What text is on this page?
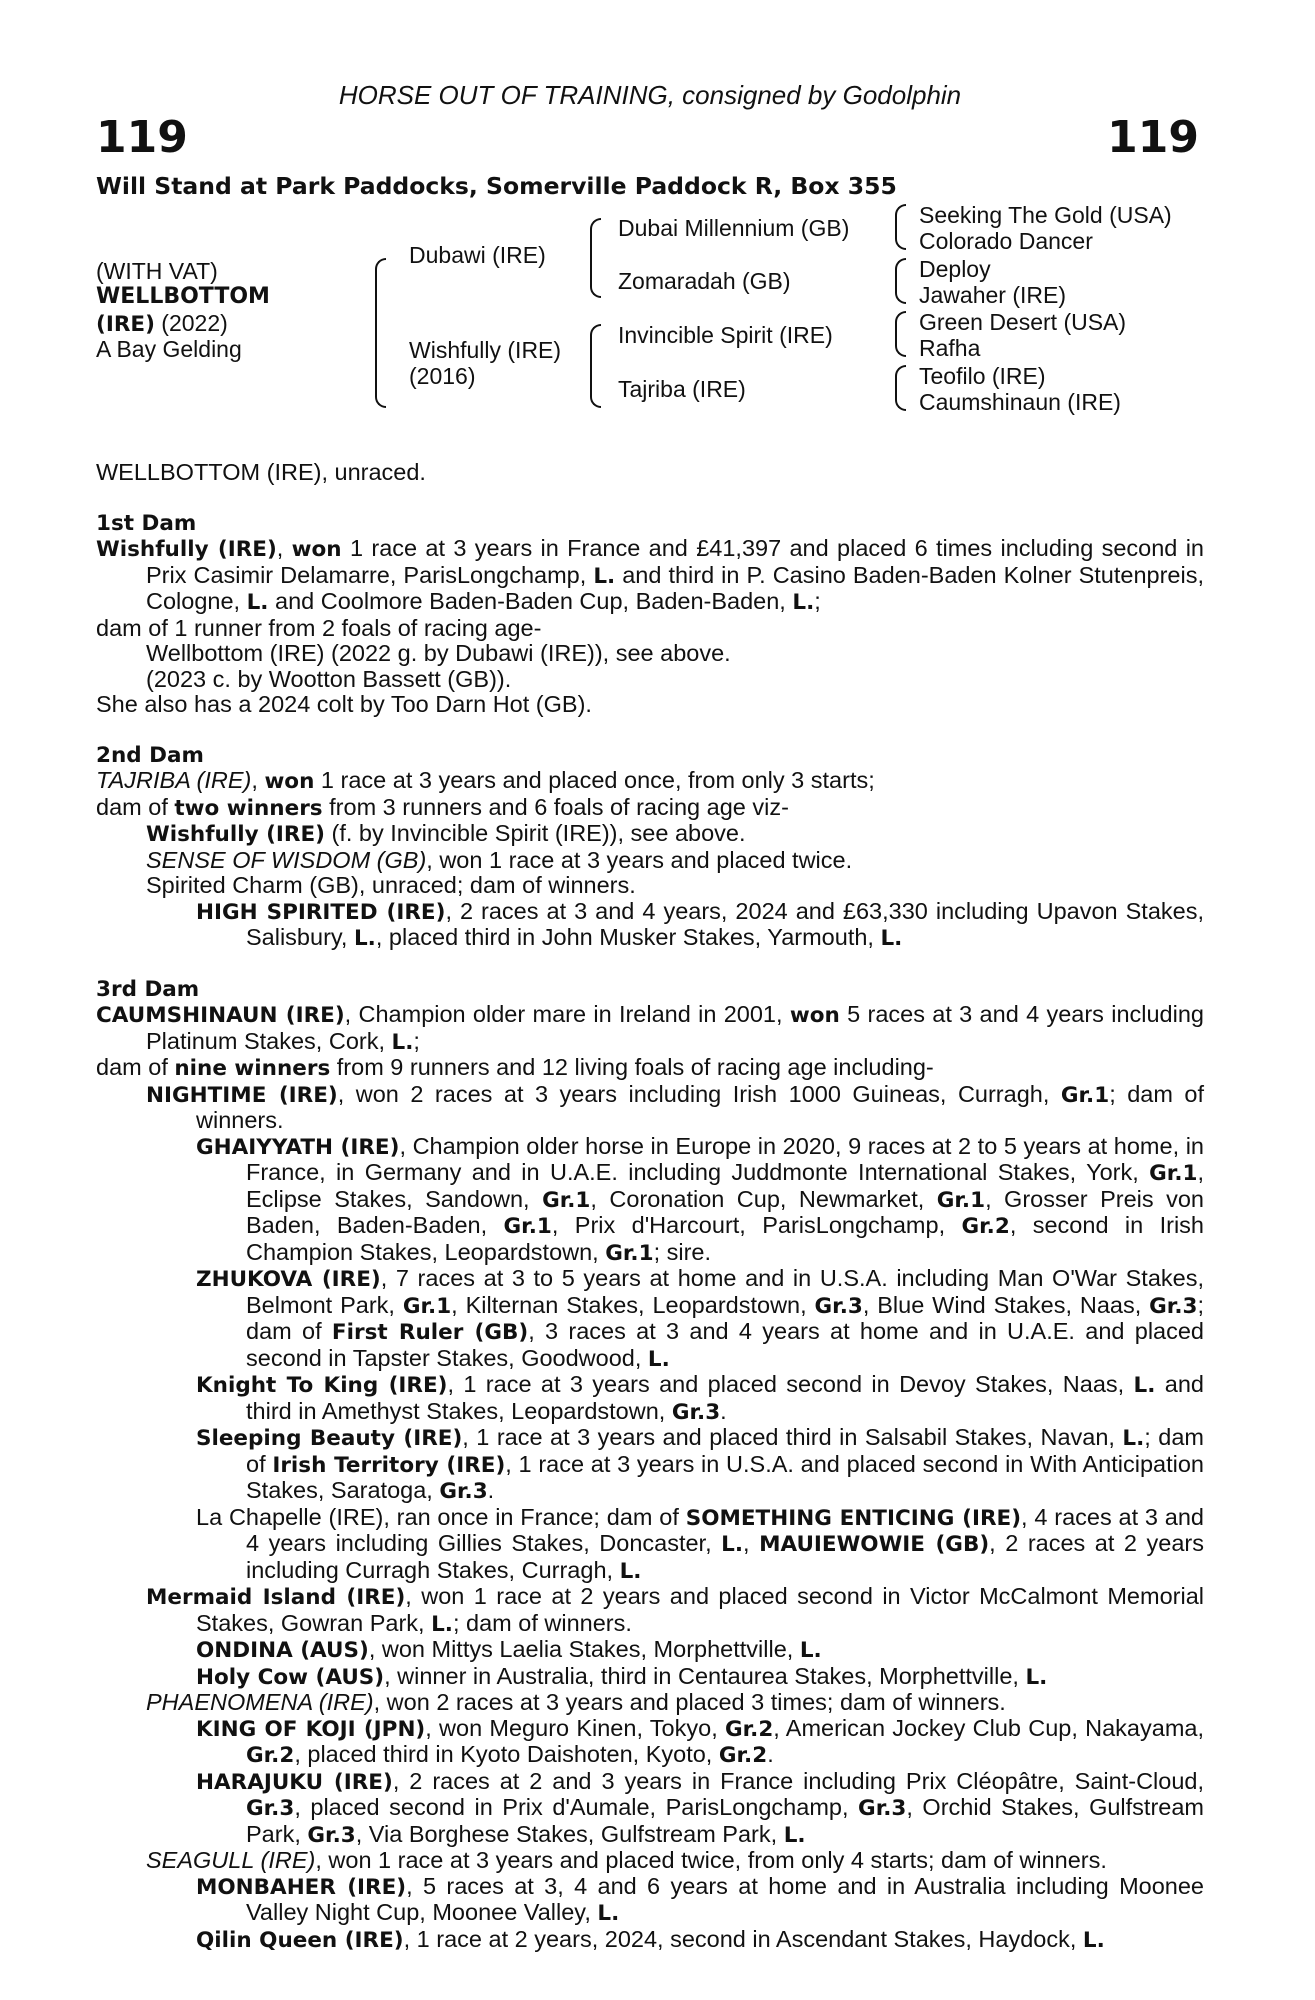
HORSE OUT OF TRAINING, consigned by Godolphin
119	119
Will Stand at Park Paddocks, Somerville Paddock R, Box 355
(WITH VAT)
WELLBOTTOM
(IRE) (2022)
A Bay Gelding
Dubawi (IRE)
Wishfully (IRE)
(2016)
Dubai Millennium (GB)
Zomaradah (GB)
Invincible Spirit (IRE)
Tajriba (IRE)
Seeking The Gold (USA)
Colorado Dancer
Deploy
Jawaher (IRE)
Green Desert (USA)
Rafha
Teofilo (IRE)
Caumshinaun (IRE)

WELLBOTTOM (IRE), unraced.

1st Dam

Wishfully (IRE), won 1 race at 3 years in France and £41,397 and placed 6 times including second in Prix Casimir Delamarre, ParisLongchamp, L. and third in P. Casino Baden-Baden Kolner Stutenpreis, Cologne, L. and Coolmore Baden-Baden Cup, Baden-Baden, L.;

dam of 1 runner from 2 foals of racing age-

Wellbottom (IRE) (2022 g. by Dubawi (IRE)), see above.

(2023 c. by Wootton Bassett (GB)).

She also has a 2024 colt by Too Darn Hot (GB).

2nd Dam

TAJRIBA (IRE), won 1 race at 3 years and placed once, from only 3 starts;

dam of two winners from 3 runners and 6 foals of racing age viz-

Wishfully (IRE) (f. by Invincible Spirit (IRE)), see above.

SENSE OF WISDOM (GB), won 1 race at 3 years and placed twice.

Spirited Charm (GB), unraced; dam of winners.

HIGH SPIRITED (IRE), 2 races at 3 and 4 years, 2024 and £63,330 including Upavon Stakes, Salisbury, L., placed third in John Musker Stakes, Yarmouth, L.

3rd Dam

CAUMSHINAUN (IRE), Champion older mare in Ireland in 2001, won 5 races at 3 and 4 years including Platinum Stakes, Cork, L.;

dam of nine winners from 9 runners and 12 living foals of racing age including-

NIGHTIME (IRE), won 2 races at 3 years including Irish 1000 Guineas, Curragh, Gr.1; dam of winners.

GHAIYYATH (IRE), Champion older horse in Europe in 2020, 9 races at 2 to 5 years at home, in France, in Germany and in U.A.E. including Juddmonte International Stakes, York, Gr.1, Eclipse Stakes, Sandown, Gr.1, Coronation Cup, Newmarket, Gr.1, Grosser Preis von Baden, Baden-Baden, Gr.1, Prix d'Harcourt, ParisLongchamp, Gr.2, second in Irish Champion Stakes, Leopardstown, Gr.1; sire.

ZHUKOVA (IRE), 7 races at 3 to 5 years at home and in U.S.A. including Man O'War Stakes, Belmont Park, Gr.1, Kilternan Stakes, Leopardstown, Gr.3, Blue Wind Stakes, Naas, Gr.3; dam of First Ruler (GB), 3 races at 3 and 4 years at home and in U.A.E. and placed second in Tapster Stakes, Goodwood, L.

Knight To King (IRE), 1 race at 3 years and placed second in Devoy Stakes, Naas, L. and third in Amethyst Stakes, Leopardstown, Gr.3.

Sleeping Beauty (IRE), 1 race at 3 years and placed third in Salsabil Stakes, Navan, L.; dam of Irish Territory (IRE), 1 race at 3 years in U.S.A. and placed second in With Anticipation Stakes, Saratoga, Gr.3.

La Chapelle (IRE), ran once in France; dam of SOMETHING ENTICING (IRE), 4 races at 3 and 4 years including Gillies Stakes, Doncaster, L., MAUIEWOWIE (GB), 2 races at 2 years including Curragh Stakes, Curragh, L.

Mermaid Island (IRE), won 1 race at 2 years and placed second in Victor McCalmont Memorial Stakes, Gowran Park, L.; dam of winners.

ONDINA (AUS), won Mittys Laelia Stakes, Morphettville, L.

Holy Cow (AUS), winner in Australia, third in Centaurea Stakes, Morphettville, L.

PHAENOMENA (IRE), won 2 races at 3 years and placed 3 times; dam of winners.

KING OF KOJI (JPN), won Meguro Kinen, Tokyo, Gr.2, American Jockey Club Cup, Nakayama, Gr.2, placed third in Kyoto Daishoten, Kyoto, Gr.2.

HARAJUKU (IRE), 2 races at 2 and 3 years in France including Prix Cléopâtre, Saint-Cloud, Gr.3, placed second in Prix d'Aumale, ParisLongchamp, Gr.3, Orchid Stakes, Gulfstream Park, Gr.3, Via Borghese Stakes, Gulfstream Park, L.

SEAGULL (IRE), won 1 race at 3 years and placed twice, from only 4 starts; dam of winners.

MONBAHER (IRE), 5 races at 3, 4 and 6 years at home and in Australia including Moonee Valley Night Cup, Moonee Valley, L.

Qilin Queen (IRE), 1 race at 2 years, 2024, second in Ascendant Stakes, Haydock, L.
